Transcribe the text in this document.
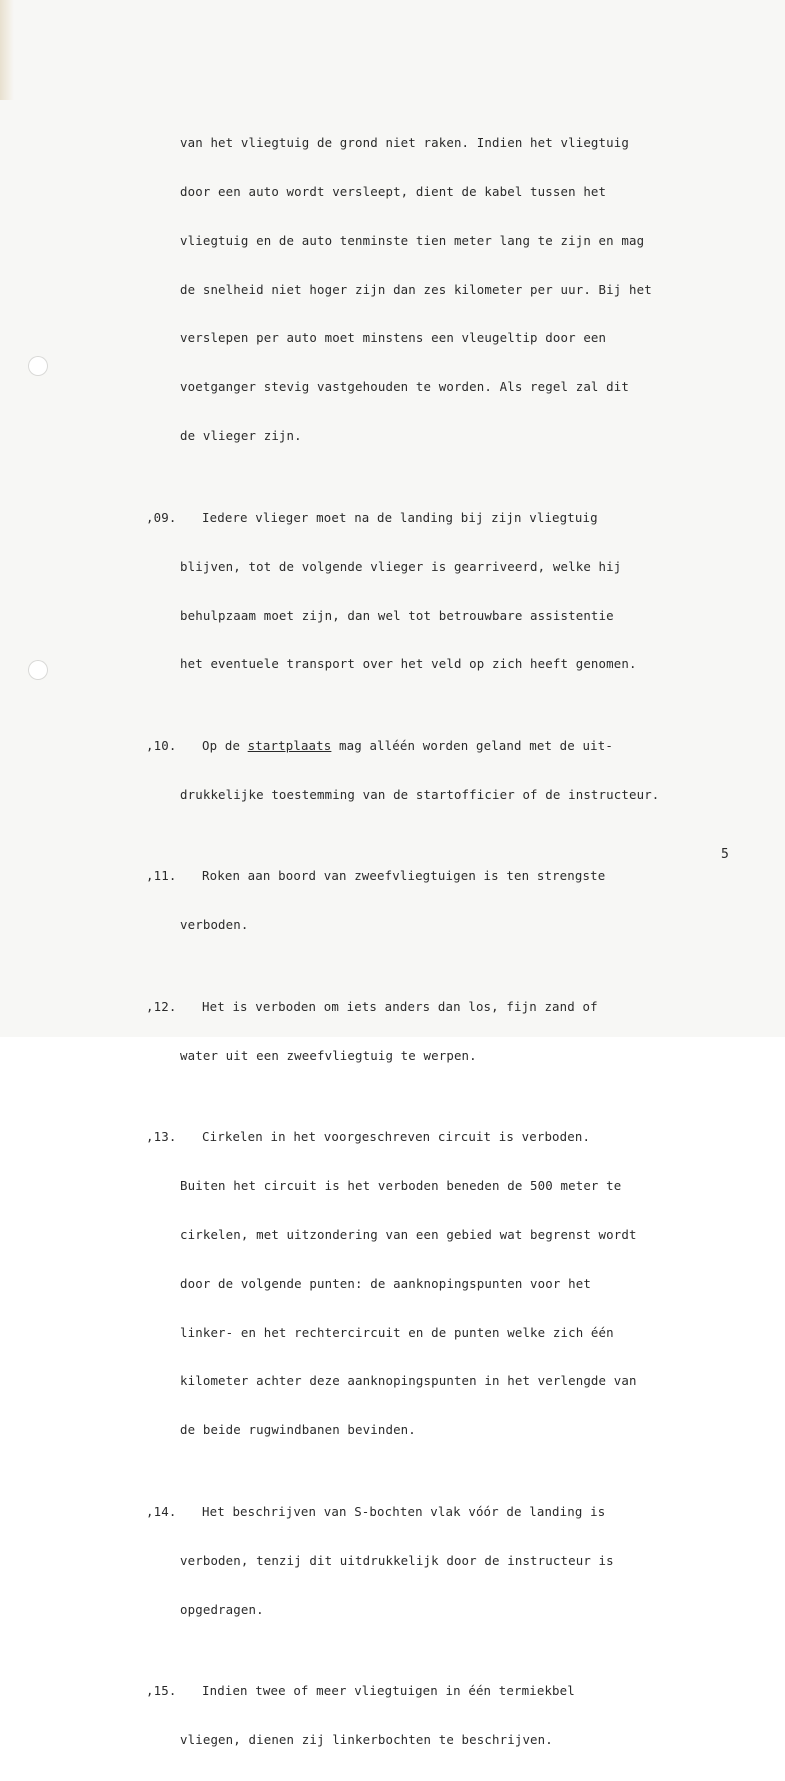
van het vliegtuig de grond niet raken. Indien het vliegtuig

door een auto wordt versleept, dient de kabel tussen het

vliegtuig en de auto tenminste tien meter lang te zijn en mag

de snelheid niet hoger zijn dan zes kilometer per uur. Bij het

verslepen per auto moet minstens een vleugeltip door een

voetganger stevig vastgehouden te worden. Als regel zal dit

de vlieger zijn.

,09. Iedere vlieger moet na de landing bij zijn vliegtuig

blijven, tot de volgende vlieger is gearriveerd, welke hij

behulpzaam moet zijn, dan wel tot betrouwbare assistentie

het eventuele transport over het veld op zich heeft genomen.

,10. Op de startplaats mag alléén worden geland met de uit-

drukkelijke toestemming van de startofficier of de instructeur.

,11. Roken aan boord van zweefvliegtuigen is ten strengste

verboden.

,12. Het is verboden om iets anders dan los, fijn zand of

water uit een zweefvliegtuig te werpen.

,13. Cirkelen in het voorgeschreven circuit is verboden.

Buiten het circuit is het verboden beneden de 500 meter te

cirkelen, met uitzondering van een gebied wat begrenst wordt

door de volgende punten: de aanknopingspunten voor het

linker- en het rechtercircuit en de punten welke zich één

kilometer achter deze aanknopingspunten in het verlengde van

de beide rugwindbanen bevinden.

,14. Het beschrijven van S-bochten vlak vóór de landing is

verboden, tenzij dit uitdrukkelijk door de instructeur is

opgedragen.

,15. Indien twee of meer vliegtuigen in één termiekbel

vliegen, dienen zij linkerbochten te beschrijven.

5
